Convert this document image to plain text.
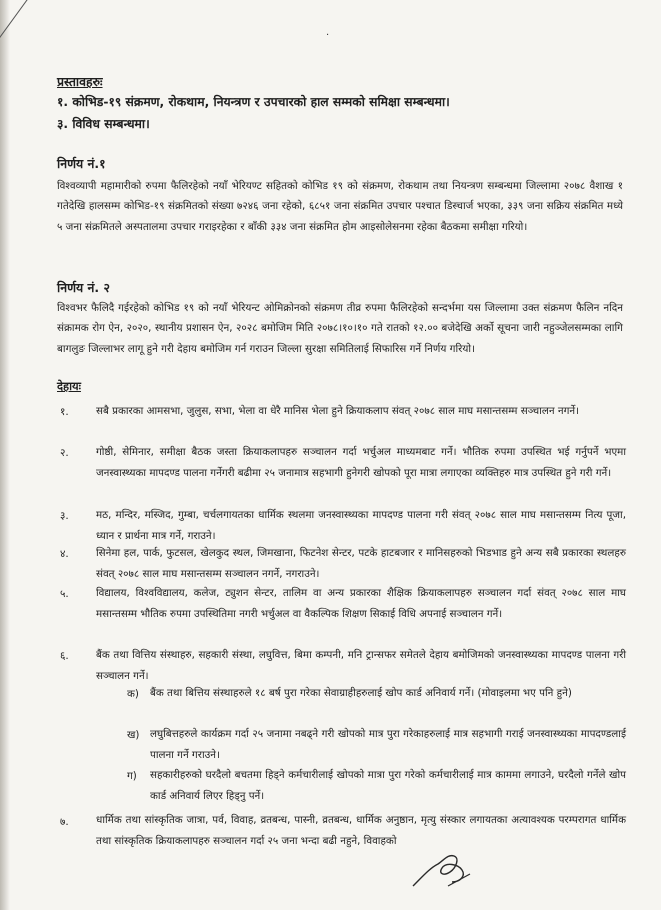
·
प्रस्तावहरुः
१. कोभिड-१९ संक्रमण, रोकथाम, नियन्त्रण र उपचारको हाल सम्मको समिक्षा सम्बन्धमा।
३. विविध सम्बन्धमा।
निर्णय नं.१
विश्वव्यापी महामारीको रुपमा फैलिरहेको नयाँ भेरियण्ट सहितको कोभिड १९ को संक्रमण, रोकथाम तथा नियन्त्रण सम्बन्धमा जिल्लामा २०७८ वैशाख १ गतेदेखि हालसम्म कोभिड-१९ संक्रमितको संख्या ७२४६ जना रहेको, ६८५१ जना संक्रमित उपचार पश्चात डिस्चार्ज भएका, ३३९ जना सक्रिय संक्रमित मध्ये ५ जना संक्रमितले अस्पतालमा उपचार गराइरहेका र बाँकी ३३४ जना संक्रमित होम आइसोलेसनमा रहेका बैठकमा समीक्षा गरियो।
निर्णय नं. २
विश्वभर फैलिदै गईरहेको कोभिड १९ को नयाँ भेरियन्ट ओमिक्रोनको संक्रमण तीव्र रुपमा फैलिरहेको सन्दर्भमा यस जिल्लामा उक्त संक्रमण फैलिन नदिन संक्रामक रोग ऐन, २०२०, स्थानीय प्रशासन ऐन, २०२८ बमोजिम मिति २०७८।१०।१० गते रातको १२.०० बजेदेखि अर्को सूचना जारी नहुञ्जेलसम्मका लागि बागलुङ जिल्लाभर लागू हुने गरी देहाय बमोजिम गर्न गराउन जिल्ला सुरक्षा समितिलाई सिफारिस गर्ने निर्णय गरियो।
देहायः
१.	सबै प्रकारका आमसभा, जुलुस, सभा, भेला वा धेरै मानिस भेला हुने क्रियाकलाप संवत् २०७८ साल माघ मसान्तसम्म सञ्चालन नगर्ने।
२.	गोष्ठी, सेमिनार, समीक्षा बैठक जस्ता क्रियाकलापहरु सञ्चालन गर्दा भर्चुअल माध्यमबाट गर्ने। भौतिक रुपमा उपस्थित भई गर्नुपर्ने भएमा जनस्वास्थ्यका मापदण्ड पालना गर्नेगरी बढीमा २५ जनामात्र सहभागी हुनेगरी खोपको पूरा मात्रा लगाएका व्यक्तिहरु मात्र उपस्थित हुने गरी गर्ने।
३.	मठ, मन्दिर, मस्जिद, गुम्बा, चर्चलगायतका धार्मिक स्थलमा जनस्वास्थ्यका मापदण्ड पालना गरी संवत् २०७८ साल माघ मसान्तसम्म नित्य पूजा, ध्यान र प्रार्थना मात्र गर्ने, गराउने।
४.	सिनेमा हल, पार्क, फुटसल, खेलकुद स्थल, जिमखाना, फिटनेश सेन्टर, पटके हाटबजार र मानिसहरुको भिडभाड हुने अन्य सबै प्रकारका स्थलहरु संवत् २०७८ साल माघ मसान्तसम्म सञ्चालन नगर्ने, नगराउने।
५.	विद्यालय, विश्वविद्यालय, कलेज, ट्युशन सेन्टर, तालिम वा अन्य प्रकारका शैक्षिक क्रियाकलापहरु सञ्चालन गर्दा संवत् २०७८ साल माघ मसान्तसम्म भौतिक रुपमा उपस्थितिमा नगरी भर्चुअल वा वैकल्पिक शिक्षण सिकाई विधि अपनाई सञ्चालन गर्ने।
६.	बैंक तथा वित्तिय संस्थाहरु, सहकारी संस्था, लघुवित्त, बिमा कम्पनी, मनि ट्रान्सफर समेतले देहाय बमोजिमको जनस्वास्थ्यका मापदण्ड पालना गरी सञ्चालन गर्ने।
क) बैंक तथा बित्तिय संस्थाहरुले १८ बर्ष पुरा गरेका सेवाग्राहीहरुलाई खोप कार्ड अनिवार्य गर्ने। (मोवाइलमा भए पनि हुने)
ख) लघुबित्तहरुले कार्यक्रम गर्दा २५ जनामा नबढ्ने गरी खोपको मात्र पुरा गरेकाहरुलाई मात्र सहभागी गराई जनस्वास्थ्यका मापदण्डलाई पालना गर्ने गराउने।
ग) सहकारीहरुको घरदैलो बचतमा हिड्ने कर्मचारीलाई खोपको मात्रा पुरा गरेको कर्मचारीलाई मात्र काममा लगाउने, घरदैलो गर्नेले खोप कार्ड अनिवार्य लिएर हिड्नु पर्ने।
७.	धार्मिक तथा सांस्कृतिक जात्रा, पर्व, विवाह, व्रतबन्ध, पास्नी, व्रतबन्ध, धार्मिक अनुष्ठान, मृत्यु संस्कार लगायतका अत्यावश्यक परम्परागत धार्मिक तथा सांस्कृतिक क्रियाकलापहरु सञ्चालन गर्दा २५ जना भन्दा बढी नहुने, विवाहको
